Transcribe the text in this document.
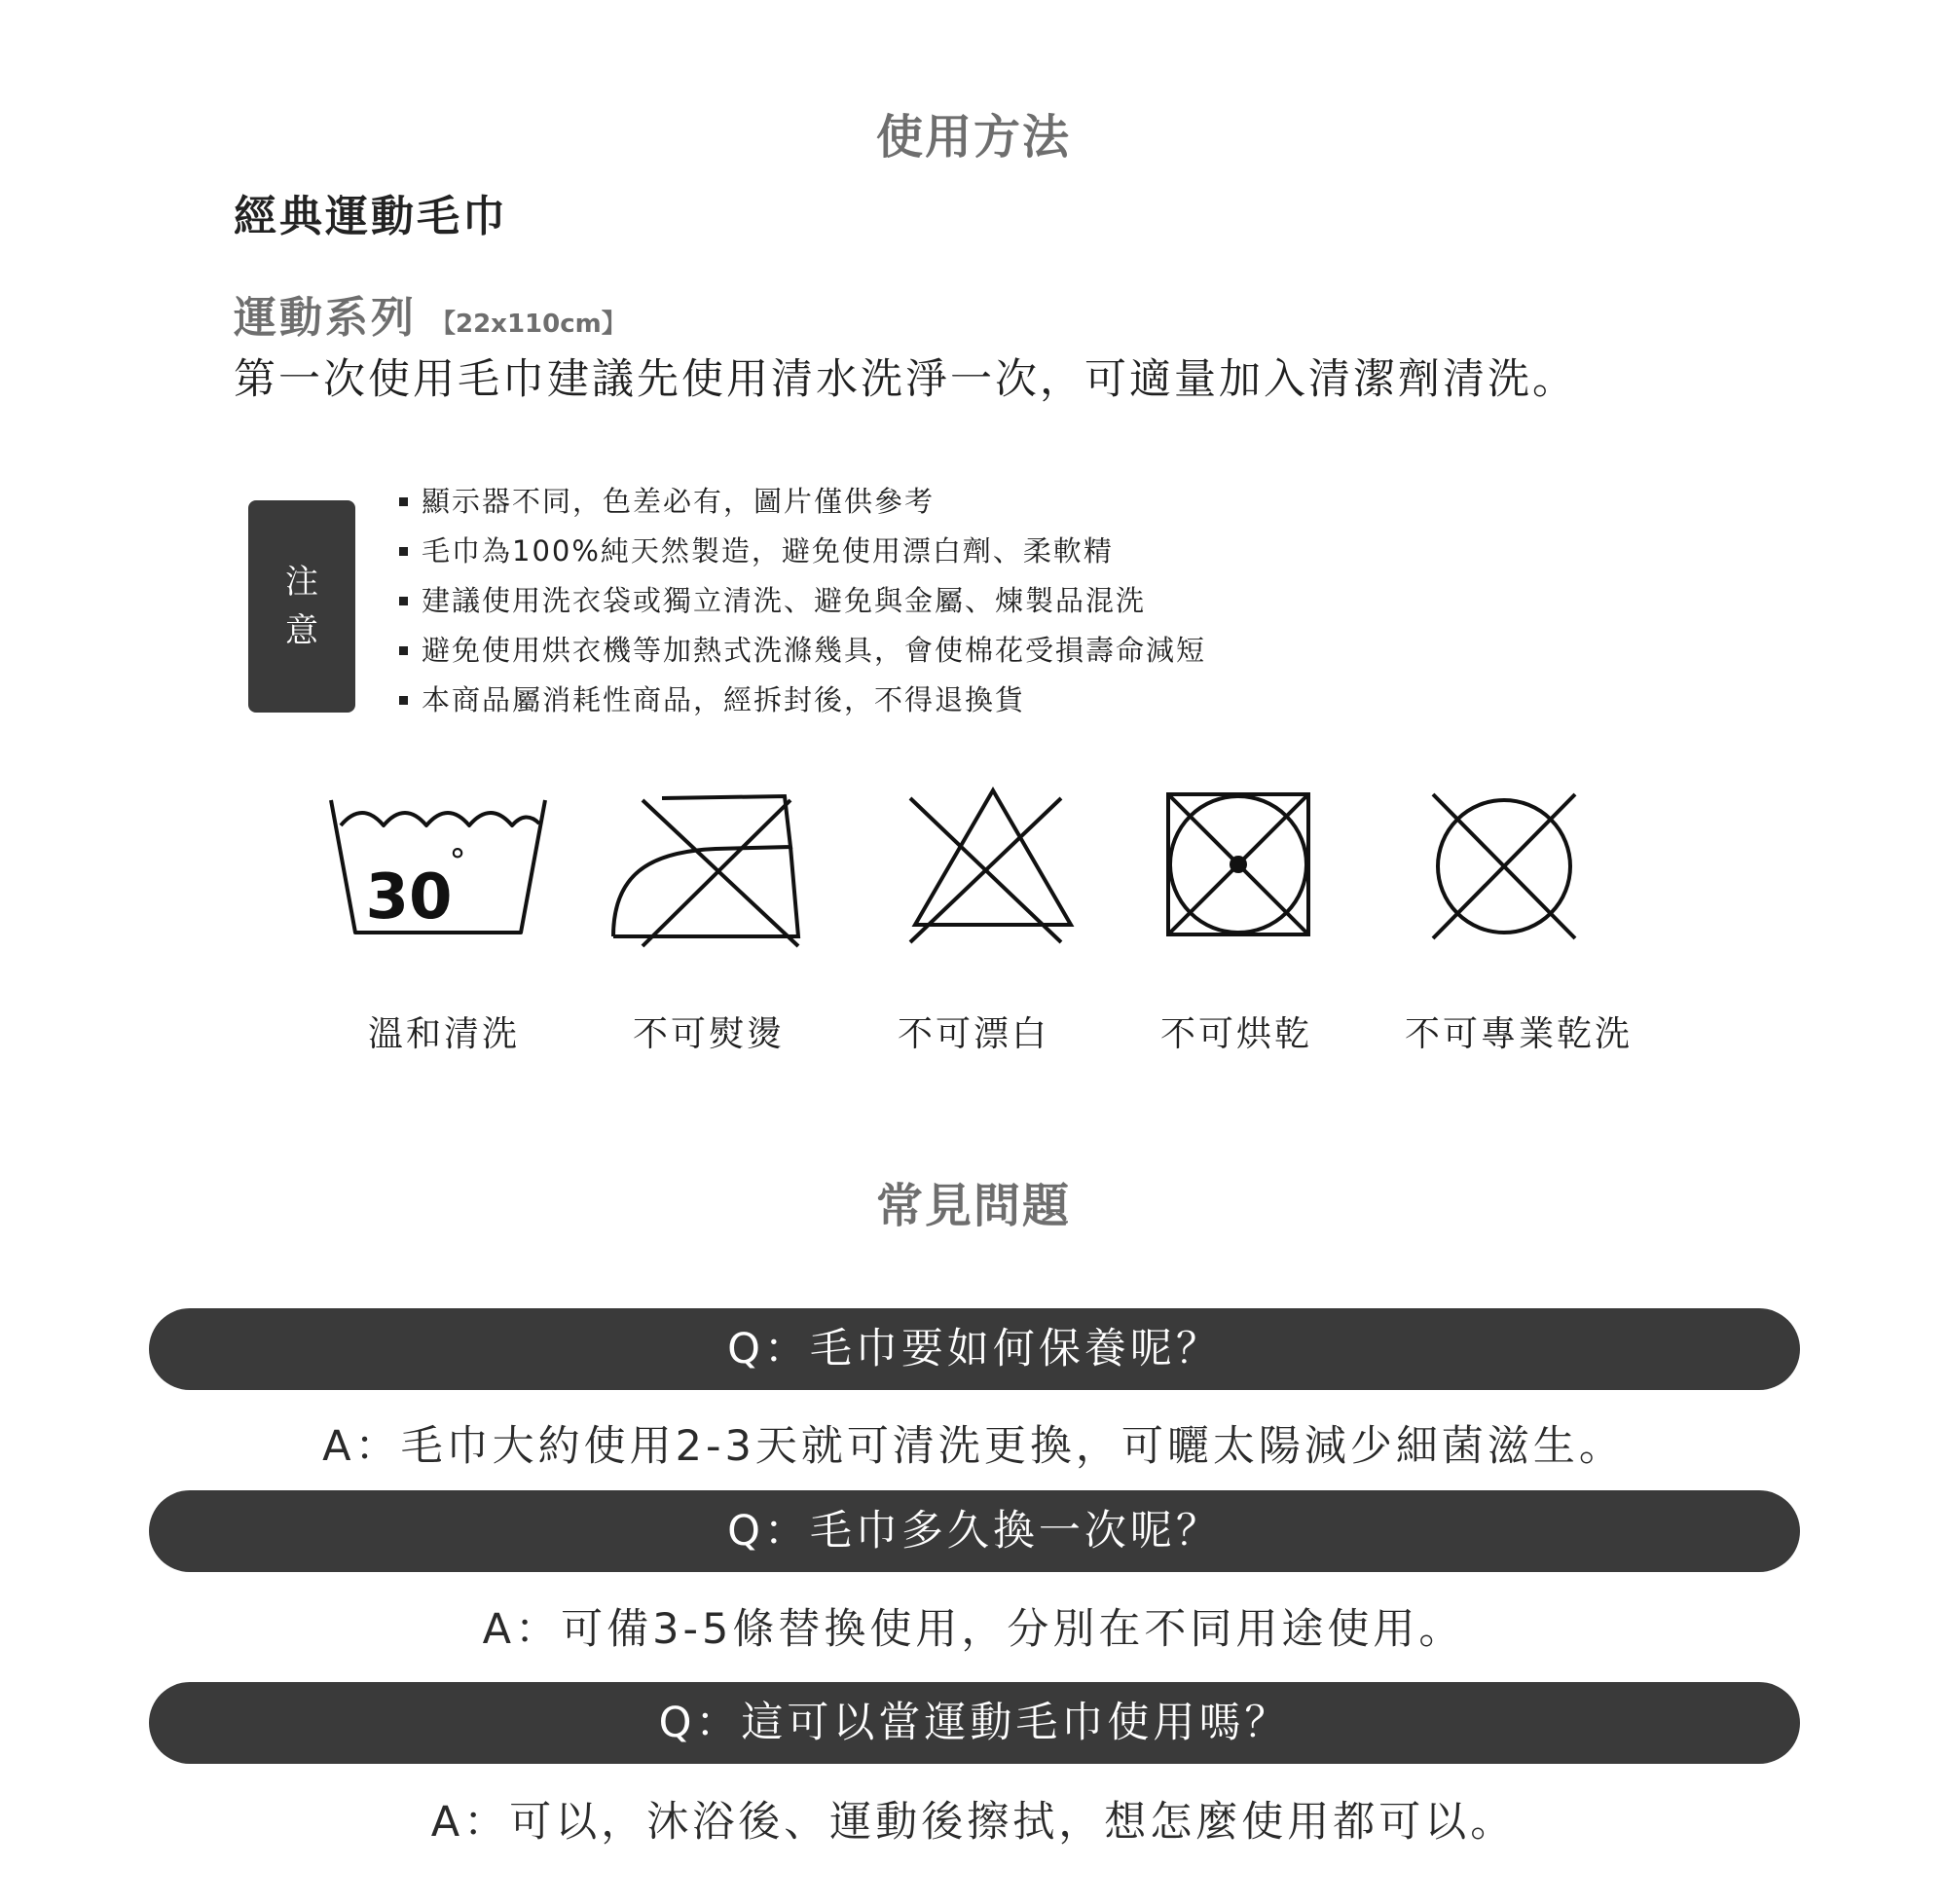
使用方法
經典運動毛巾
運動系列 【22x110cm】
第一次使用毛巾建議先使用清水洗淨一次，可適量加入清潔劑清洗。
注
意
顯示器不同，色差必有，圖片僅供參考
毛巾為100%純天然製造，避免使用漂白劑、柔軟精
建議使用洗衣袋或獨立清洗、避免與金屬、煉製品混洗
避免使用烘衣機等加熱式洗滌幾具，會使棉花受損壽命減短
本商品屬消耗性商品，經拆封後，不得退換貨
30
°
溫和清洗	不可熨燙	不可漂白	不可烘乾	不可專業乾洗
常見問題
Q：毛巾要如何保養呢？
A：毛巾大約使用2-3天就可清洗更換，可曬太陽減少細菌滋生。
Q：毛巾多久換一次呢？
A：可備3-5條替換使用，分別在不同用途使用。
Q：這可以當運動毛巾使用嗎？
A：可以，沐浴後、運動後擦拭，想怎麼使用都可以。
